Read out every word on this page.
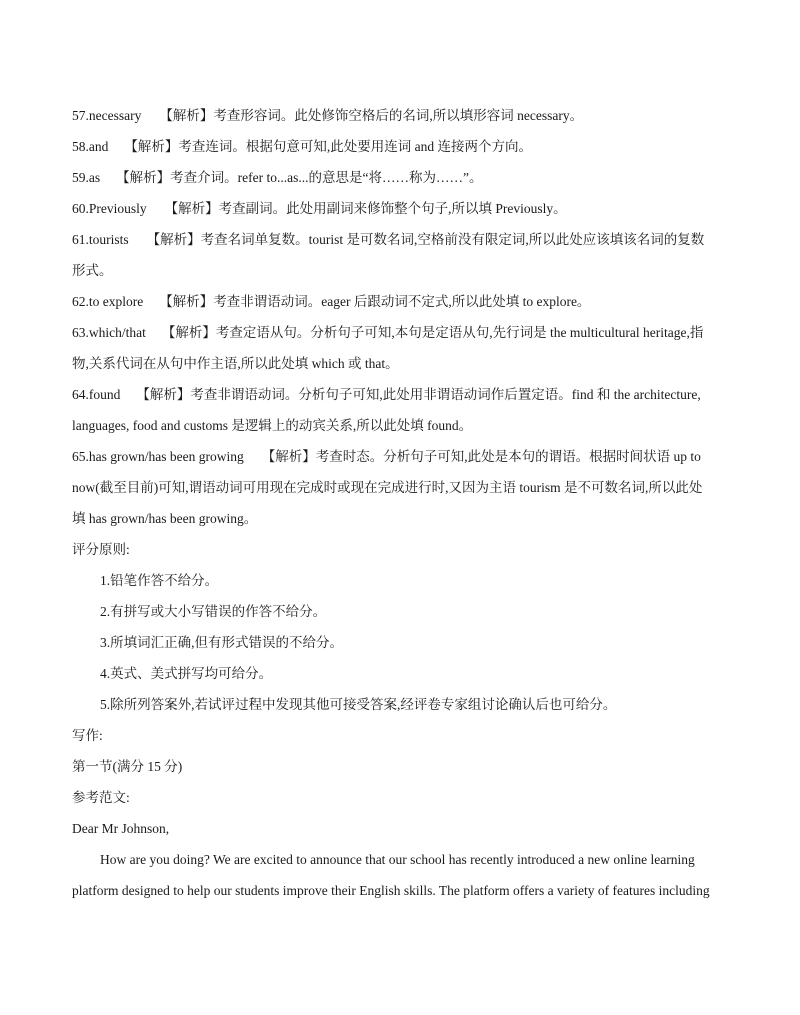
57.necessary 【解析】考查形容词。此处修饰空格后的名词,所以填形容词 necessary。
58.and 【解析】考查连词。根据句意可知,此处要用连词 and 连接两个方向。
59.as 【解析】考查介词。refer to...as...的意思是“将……称为……”。
60.Previously 【解析】考查副词。此处用副词来修饰整个句子,所以填 Previously。
61.tourists 【解析】考查名词单复数。tourist 是可数名词,空格前没有限定词,所以此处应该填该名词的复数
形式。
62.to explore 【解析】考查非谓语动词。eager 后跟动词不定式,所以此处填 to explore。
63.which/that 【解析】考查定语从句。分析句子可知,本句是定语从句,先行词是 the multicultural heritage,指
物,关系代词在从句中作主语,所以此处填 which 或 that。
64.found 【解析】考查非谓语动词。分析句子可知,此处用非谓语动词作后置定语。find 和 the architecture,
languages, food and customs 是逻辑上的动宾关系,所以此处填 found。
65.has grown/has been growing 【解析】考查时态。分析句子可知,此处是本句的谓语。根据时间状语 up to
now(截至目前)可知,谓语动词可用现在完成时或现在完成进行时,又因为主语 tourism 是不可数名词,所以此处
填 has grown/has been growing。
评分原则:
1.铅笔作答不给分。
2.有拼写或大小写错误的作答不给分。
3.所填词汇正确,但有形式错误的不给分。
4.英式、美式拼写均可给分。
5.除所列答案外,若试评过程中发现其他可接受答案,经评卷专家组讨论确认后也可给分。
写作:
第一节(满分 15 分)
参考范文:
Dear Mr Johnson,
How are you doing? We are excited to announce that our school has recently introduced a new online learning
platform designed to help our students improve their English skills. The platform offers a variety of features including
